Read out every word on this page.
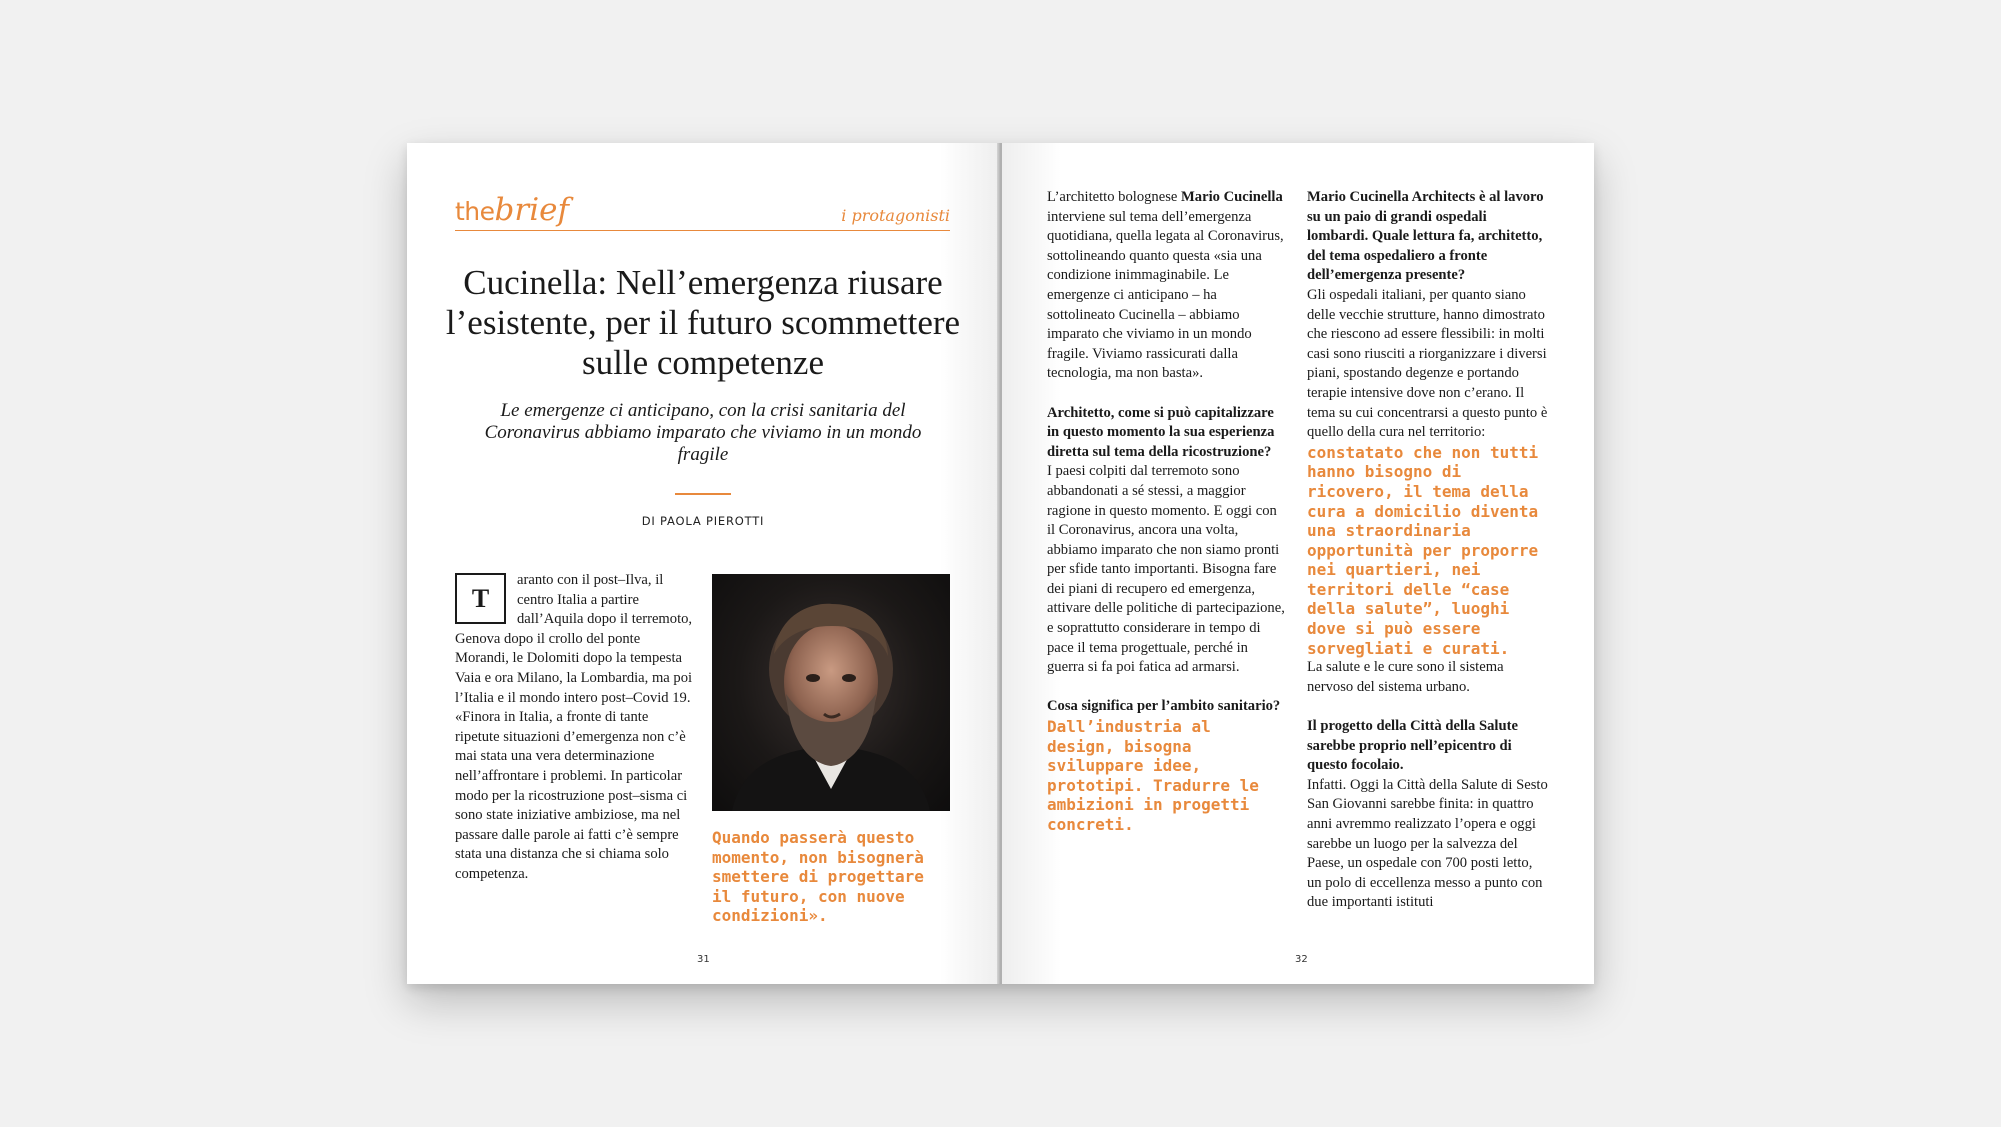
thebrief	i protagonisti
Cucinella: Nell’emergenza riusare l’esistente, per il futuro scommettere sulle competenze
Le emergenze ci anticipano, con la crisi sanitaria del Coronavirus abbiamo imparato che viviamo in un mondo fragile
DI PAOLA PIEROTTI
T

aranto con il post–Ilva, il centro Italia a partire dall’Aquila dopo il terremoto, Genova dopo il crollo del ponte Morandi, le Dolomiti dopo la tempesta Vaia e ora Milano, la Lombardia, ma poi l’Italia e il mondo intero post–Covid 19. «Finora in Italia, a fronte di tante ripetute situazioni d’emergenza non c’è mai stata una vera determinazione nell’affrontare i problemi. In particolar modo per la ricostruzione post–sisma ci sono state iniziative ambiziose, ma nel passare dalle parole ai fatti c’è sempre stata una distanza che si chiama solo competenza.

Quando passerà questo momento, non bisognerà smettere di progettare il futuro, con nuove condizioni».
31

L’architetto bolognese Mario Cucinella interviene sul tema dell’emergenza quotidiana, quella legata al Coronavirus, sottolineando quanto questa «sia una condizione inimmaginabile. Le emergenze ci anticipano – ha sottolineato Cucinella – abbiamo imparato che viviamo in un mondo fragile. Viviamo rassicurati dalla tecnologia, ma non basta».

Architetto, come si può capitalizzare in questo momento la sua esperienza diretta sul tema della ricostruzione?

I paesi colpiti dal terremoto sono abbandonati a sé stessi, a maggior ragione in questo momento. E oggi con il Coronavirus, ancora una volta, abbiamo imparato che non siamo pronti per sfide tanto importanti. Bisogna fare dei piani di recupero ed emergenza, attivare delle politiche di partecipazione, e soprattutto considerare in tempo di pace il tema progettuale, perché in guerra si fa poi fatica ad armarsi.

Cosa significa per l’ambito sanitario?

Dall’industria al design, bisogna sviluppare idee, prototipi. Tradurre le ambizioni in progetti concreti.

Mario Cucinella Architects è al lavoro su un paio di grandi ospedali lombardi. Quale lettura fa, architetto, del tema ospedaliero a fronte dell’emergenza presente?

Gli ospedali italiani, per quanto siano delle vecchie strutture, hanno dimostrato che riescono ad essere flessibili: in molti casi sono riusciti a riorganizzare i diversi piani, spostando degenze e portando terapie intensive dove non c’erano. Il tema su cui concentrarsi a questo punto è quello della cura nel territorio:

constatato che non tutti hanno bisogno di ricovero, il tema della cura a domicilio diventa una straordinaria opportunità per proporre nei quartieri, nei territori delle “case della salute”, luoghi dove si può essere sorvegliati e curati.

La salute e le cure sono il sistema nervoso del sistema urbano.

Il progetto della Città della Salute sarebbe proprio nell’epicentro di questo focolaio.

Infatti. Oggi la Città della Salute di Sesto San Giovanni sarebbe finita: in quattro anni avremmo realizzato l’opera e oggi sarebbe un luogo per la salvezza del Paese, un ospedale con 700 posti letto, un polo di eccellenza messo a punto con due importanti istituti

32
